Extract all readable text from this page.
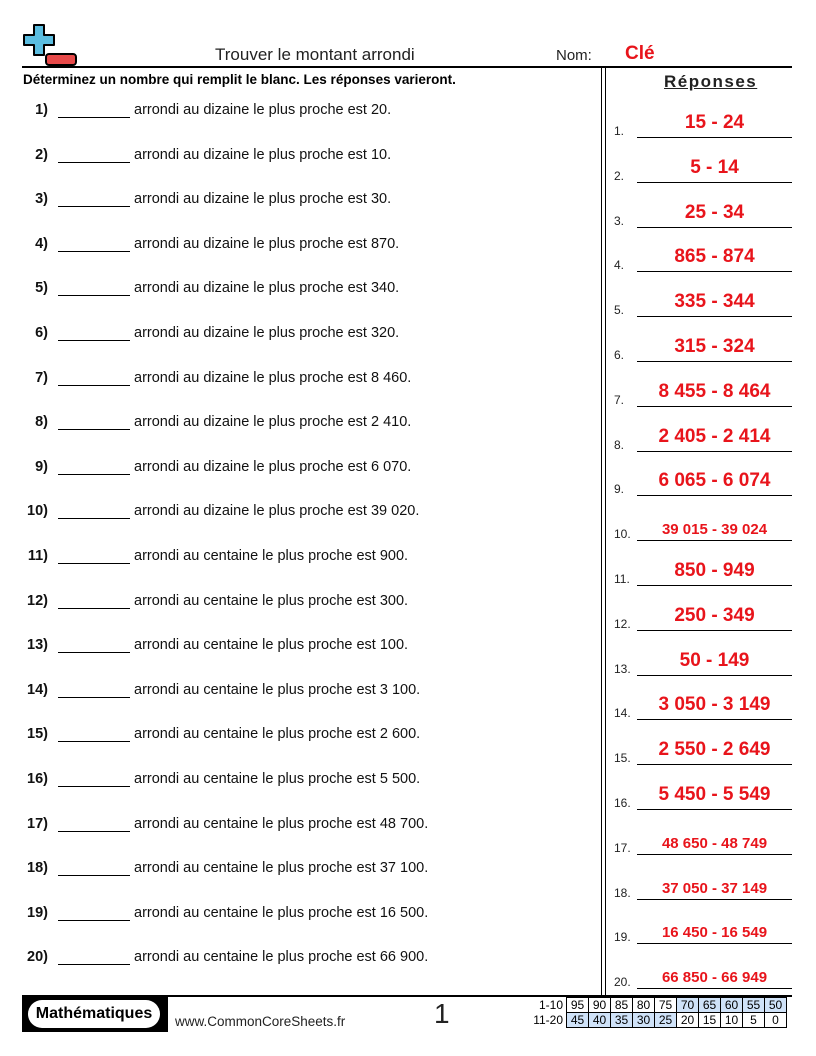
Trouver le montant arrondi	Nom: Clé
Déterminez un nombre qui remplit le blanc. Les réponses varieront.	Réponses
1)	arrondi au dizaine le plus proche est 20.
2)	arrondi au dizaine le plus proche est 10.
3)	arrondi au dizaine le plus proche est 30.
4)	arrondi au dizaine le plus proche est 870.
5)	arrondi au dizaine le plus proche est 340.
6)	arrondi au dizaine le plus proche est 320.
7)	arrondi au dizaine le plus proche est 8 460.
8)	arrondi au dizaine le plus proche est 2 410.
9)	arrondi au dizaine le plus proche est 6 070.
10)	arrondi au dizaine le plus proche est 39 020.
11)	arrondi au centaine le plus proche est 900.
12)	arrondi au centaine le plus proche est 300.
13)	arrondi au centaine le plus proche est 100.
14)	arrondi au centaine le plus proche est 3 100.
15)	arrondi au centaine le plus proche est 2 600.
16)	arrondi au centaine le plus proche est 5 500.
17)	arrondi au centaine le plus proche est 48 700.
18)	arrondi au centaine le plus proche est 37 100.
19)	arrondi au centaine le plus proche est 16 500.
20)	arrondi au centaine le plus proche est 66 900.
1.	15 - 24
2.	5 - 14
3.	25 - 34
4.	865 - 874
5.	335 - 344
6.	315 - 324
7.	8 455 - 8 464
8.	2 405 - 2 414
9.	6 065 - 6 074
10.	39 015 - 39 024
11.	850 - 949
12.	250 - 349
13.	50 - 149
14.	3 050 - 3 149
15.	2 550 - 2 649
16.	5 450 - 5 549
17.	48 650 - 48 749
18.	37 050 - 37 149
19.	16 450 - 16 549
20.	66 850 - 66 949
Mathématiques	www.CommonCoreSheets.fr	1	1-10	95	90	85	80	75	70	65	60	55	50
11-20	45	40	35	30	25	20	15	10	5	0
